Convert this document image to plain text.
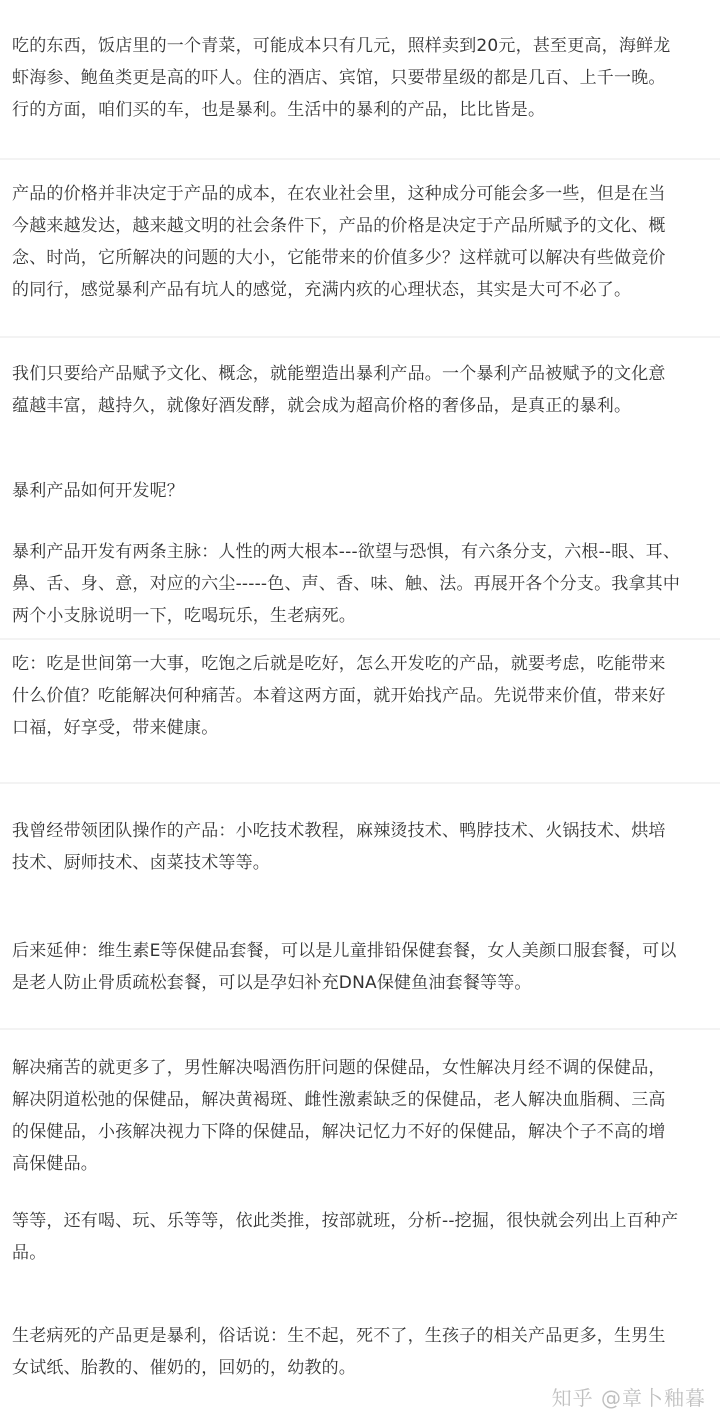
吃的东西，饭店里的一个青菜，可能成本只有几元，照样卖到20元，甚至更高，海鲜龙
虾海参、鲍鱼类更是高的吓人。住的酒店、宾馆，只要带星级的都是几百、上千一晚。
行的方面，咱们买的车，也是暴利。生活中的暴利的产品，比比皆是。

产品的价格并非决定于产品的成本，在农业社会里，这种成分可能会多一些，但是在当
今越来越发达，越来越文明的社会条件下，产品的价格是决定于产品所赋予的文化、概
念、时尚，它所解决的问题的大小，它能带来的价值多少？这样就可以解决有些做竞价
的同行，感觉暴利产品有坑人的感觉，充满内疚的心理状态，其实是大可不必了。

我们只要给产品赋予文化、概念，就能塑造出暴利产品。一个暴利产品被赋予的文化意
蕴越丰富，越持久，就像好酒发酵，就会成为超高价格的奢侈品，是真正的暴利。

暴利产品如何开发呢？

暴利产品开发有两条主脉：人性的两大根本---欲望与恐惧，有六条分支，六根--眼、耳、
鼻、舌、身、意，对应的六尘-----色、声、香、味、触、法。再展开各个分支。我拿其中
两个小支脉说明一下，吃喝玩乐，生老病死。

吃：吃是世间第一大事，吃饱之后就是吃好，怎么开发吃的产品，就要考虑，吃能带来
什么价值？吃能解决何种痛苦。本着这两方面，就开始找产品。先说带来价值，带来好
口福，好享受，带来健康。

我曾经带领团队操作的产品：小吃技术教程，麻辣烫技术、鸭脖技术、火锅技术、烘培
技术、厨师技术、卤菜技术等等。

后来延伸：维生素E等保健品套餐，可以是儿童排铅保健套餐，女人美颜口服套餐，可以
是老人防止骨质疏松套餐，可以是孕妇补充DNA保健鱼油套餐等等。

解决痛苦的就更多了，男性解决喝酒伤肝问题的保健品，女性解决月经不调的保健品，
解决阴道松弛的保健品，解决黄褐斑、雌性激素缺乏的保健品，老人解决血脂稠、三高
的保健品，小孩解决视力下降的保健品，解决记忆力不好的保健品，解决个子不高的增
高保健品。

等等，还有喝、玩、乐等等，依此类推，按部就班，分析--挖掘，很快就会列出上百种产
品。

生老病死的产品更是暴利，俗话说：生不起，死不了，生孩子的相关产品更多，生男生
女试纸、胎教的、催奶的，回奶的，幼教的。

知乎 @章卜釉暮
